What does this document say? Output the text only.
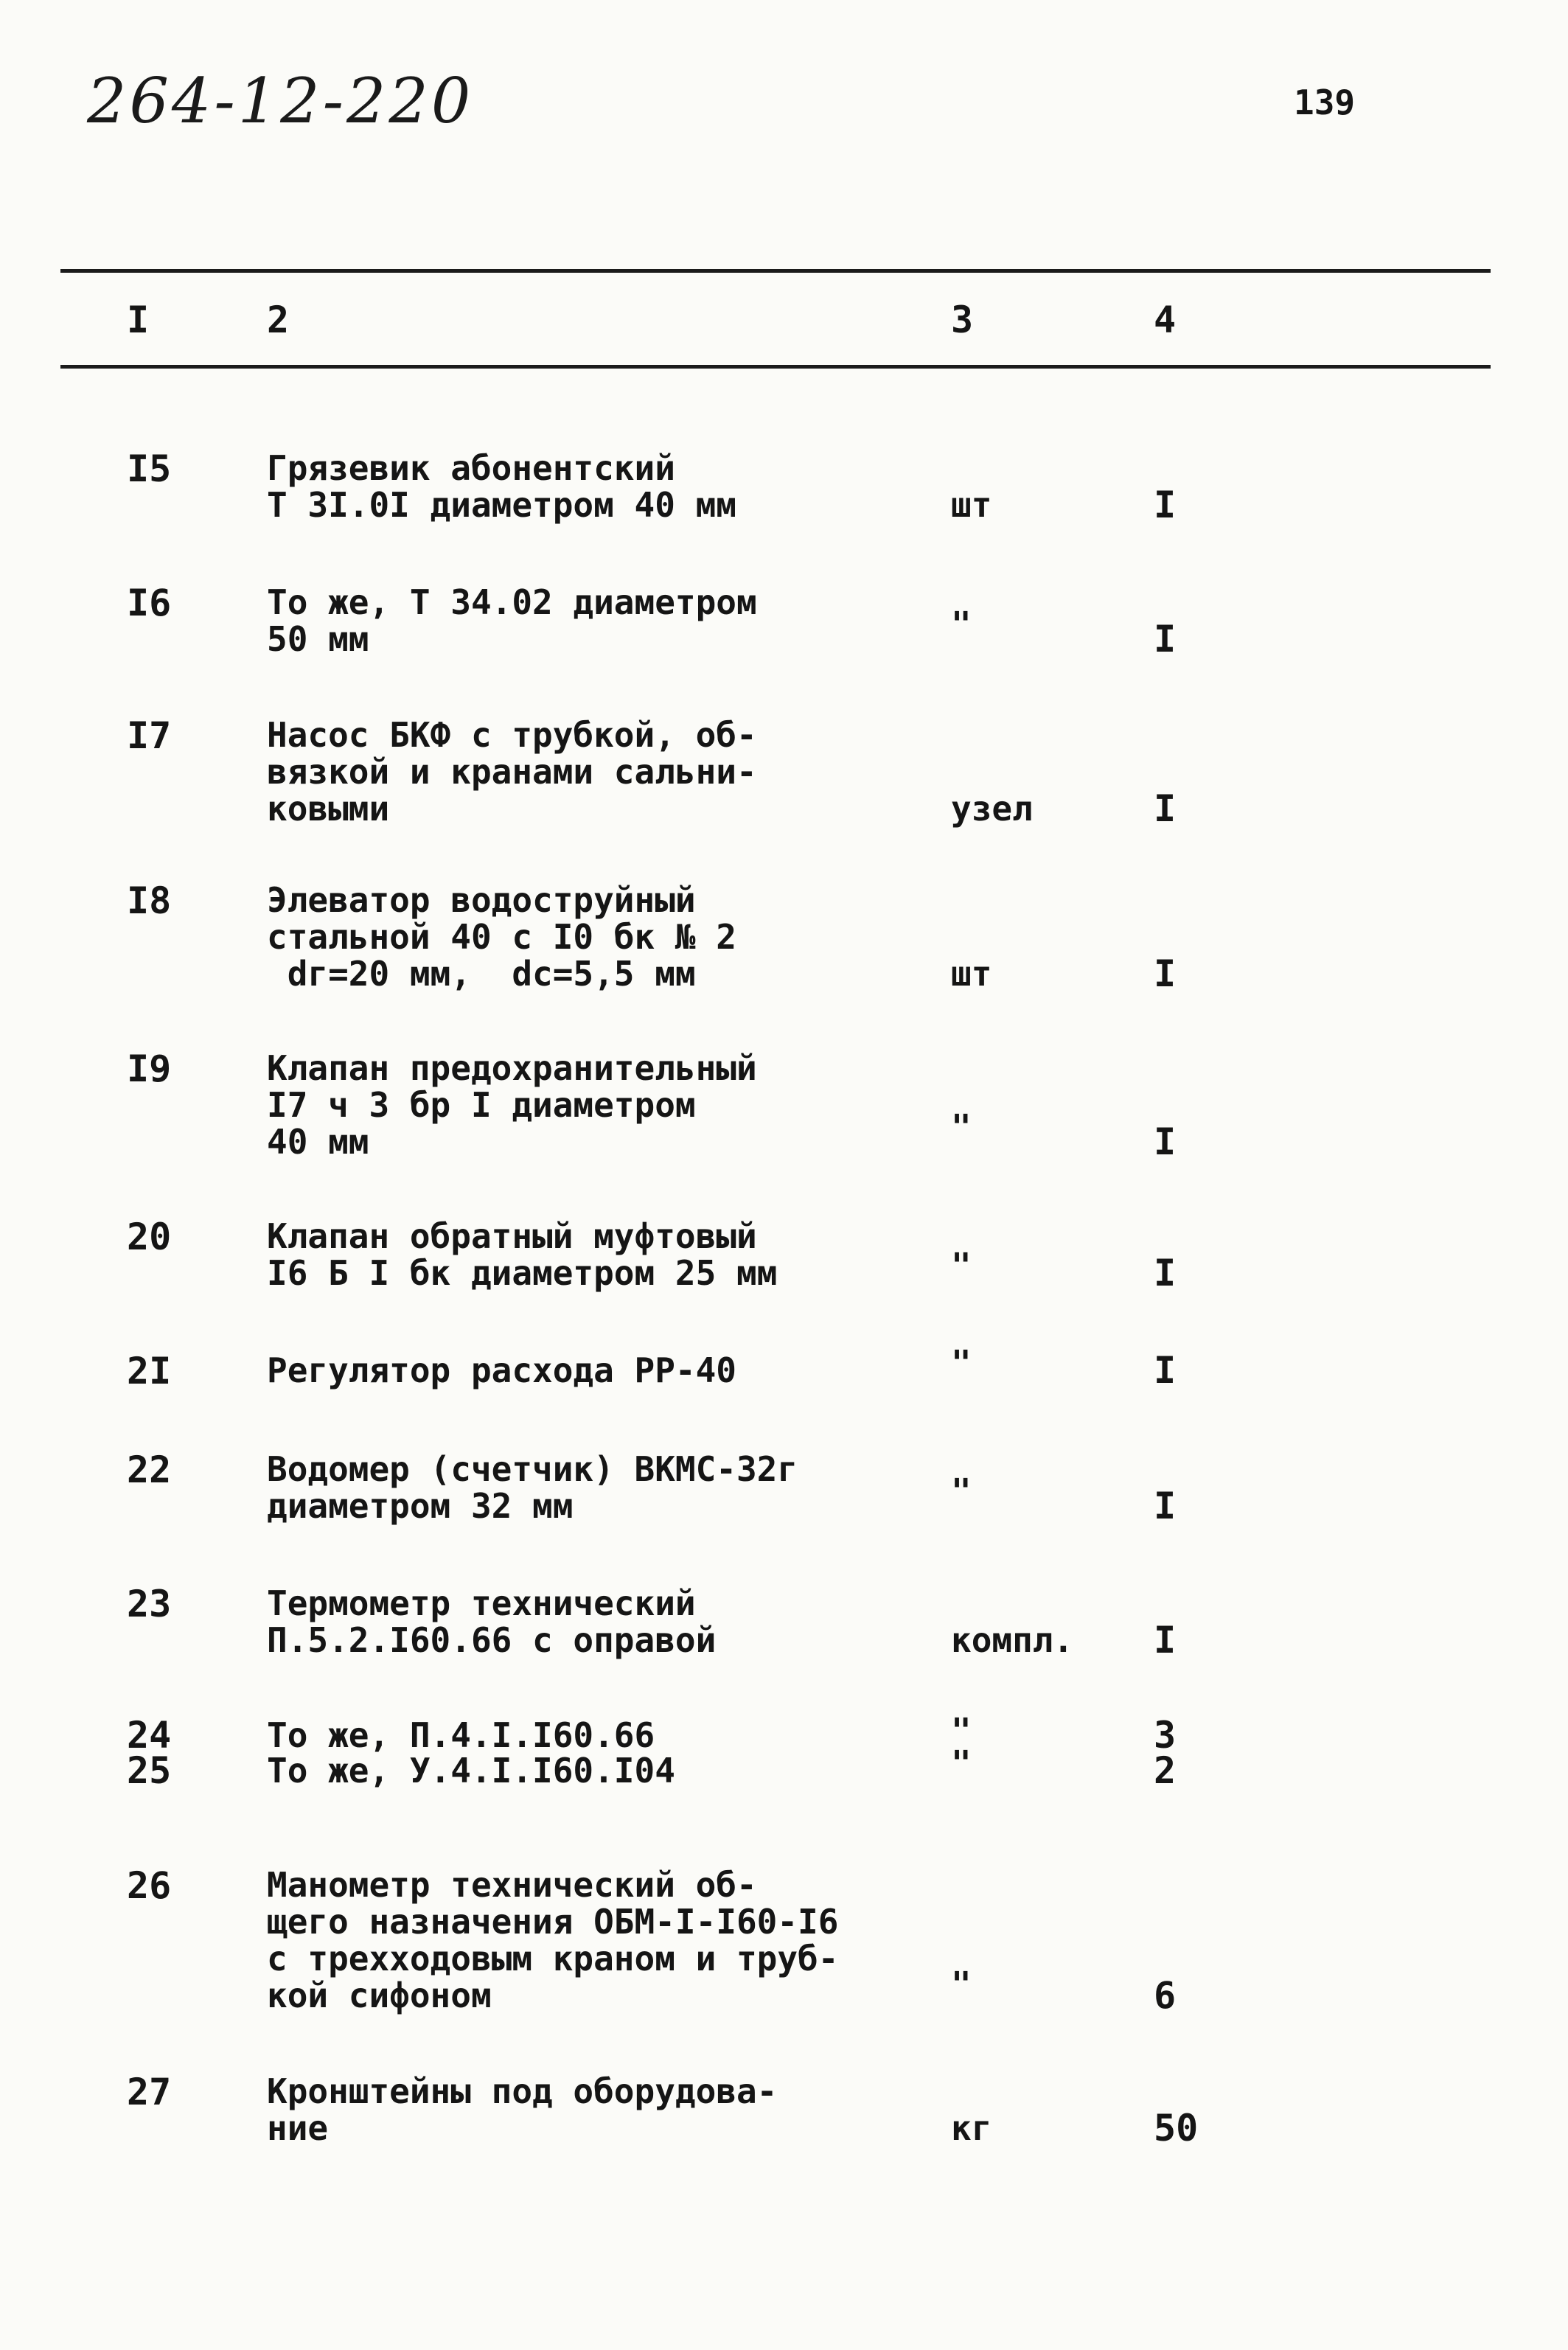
264-12-220	139
I	2	3	4
I5	Грязевик абонентский
Т 3I.0I диаметром 40 мм	шт	I
I6	То же, Т 34.02 диаметром
50 мм	"	I
I7	Насос БКФ с трубкой, об-
вязкой и кранами сальни-
ковыми	узел	I
I8	Элеватор водоструйный
стальной 40 с I0 бк № 2
dг=20 мм,  dс=5,5 мм	шт	I
I9	Клапан предохранительный
I7 ч 3 бр I диаметром
40 мм	"	I
20	Клапан обратный муфтовый
I6 Б I бк диаметром 25 мм	"	I
2I	Регулятор расхода РР-40	"	I
22	Водомер (счетчик) ВКМС-32г
диаметром 32 мм	"	I
23	Термометр технический
П.5.2.I60.66 с оправой	компл. I
24	То же, П.4.I.I60.66	"	3
25	То же, У.4.I.I60.I04	"	2
26	Манометр технический об-
щего назначения ОБМ-I-I60-I6
с трехходовым краном и труб-
кой сифоном	"	6
27	Кронштейны под оборудова-
ние	кг	50
